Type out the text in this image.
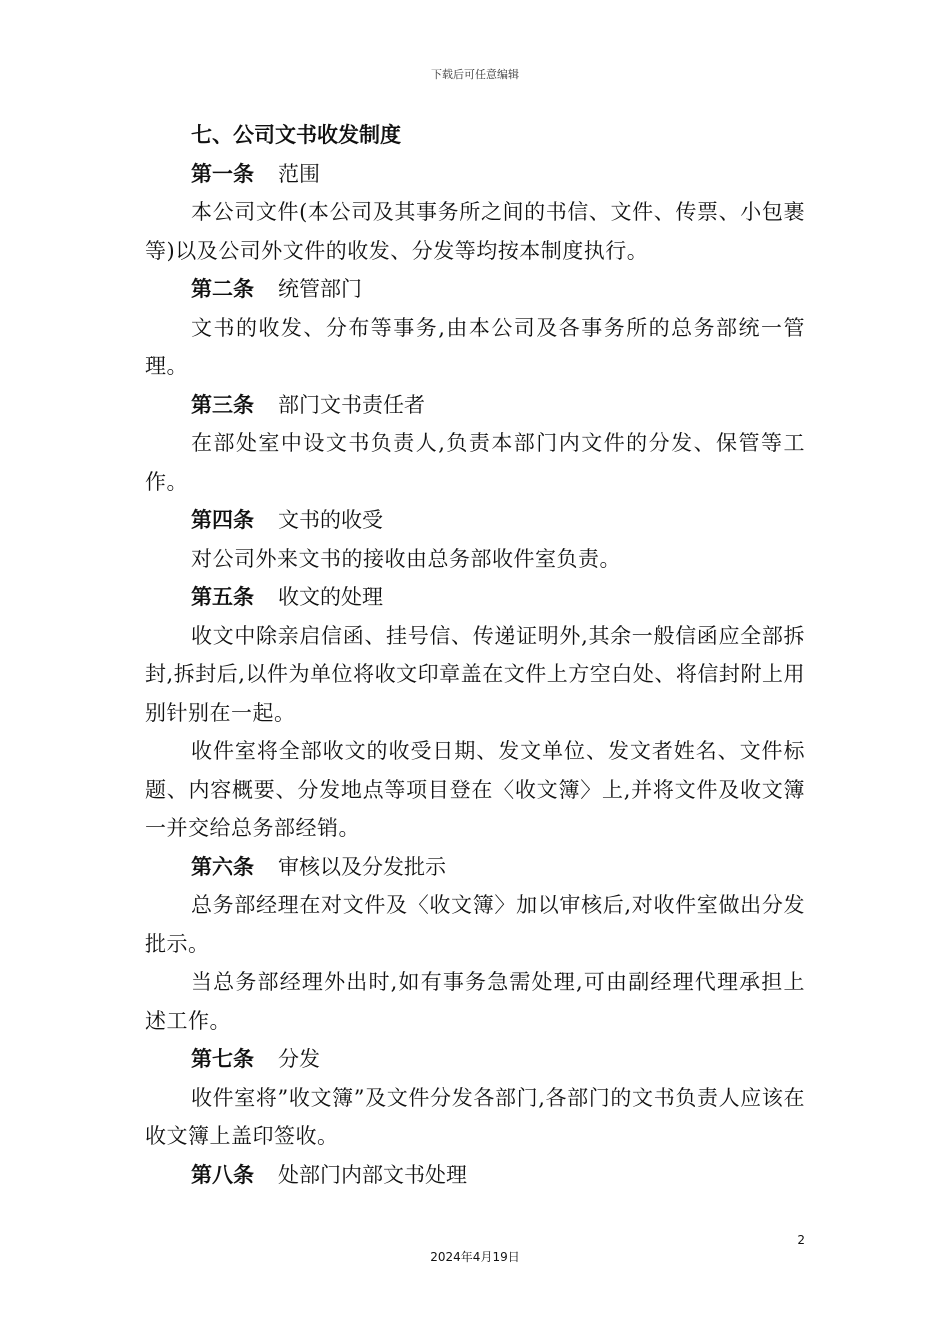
下载后可任意编辑

七、公司文书收发制度

第一条 范围

本公司文件(本公司及其事务所之间的书信、文件、传票、小包裹等)以及公司外文件的收发、分发等均按本制度执行。

第二条 统管部门

文书的收发、分布等事务,由本公司及各事务所的总务部统一管理。

第三条 部门文书责任者

在部处室中设文书负责人,负责本部门内文件的分发、保管等工作。

第四条 文书的收受

对公司外来文书的接收由总务部收件室负责。

第五条 收文的处理

收文中除亲启信函、挂号信、传递证明外,其余一般信函应全部拆封,拆封后,以件为单位将收文印章盖在文件上方空白处、将信封附上用别针别在一起。

收件室将全部收文的收受日期、发文单位、发文者姓名、文件标题、内容概要、分发地点等项目登在〈收文簿〉上,并将文件及收文簿一并交给总务部经销。

第六条 审核以及分发批示

总务部经理在对文件及〈收文簿〉加以审核后,对收件室做出分发批示。

当总务部经理外出时,如有事务急需处理,可由副经理代理承担上述工作。

第七条 分发

收件室将”收文簿”及文件分发各部门,各部门的文书负责人应该在收文簿上盖印签收。

第八条 处部门内部文书处理

2
2024年4月19日
